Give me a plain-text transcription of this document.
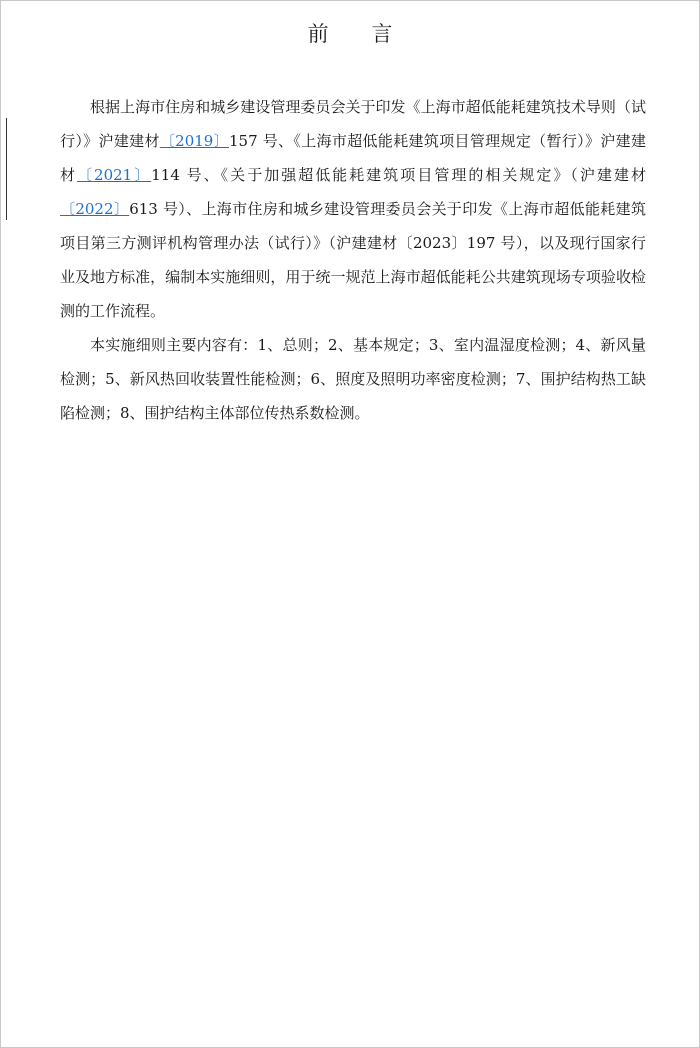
前 言

根据上海市住房和城乡建设管理委员会关于印发《上海市超低能耗建筑技术导则（试行）》沪建建材〔2019〕157 号、《上海市超低能耗建筑项目管理规定（暂行）》沪建建材〔2021〕114 号、《关于加强超低能耗建筑项目管理的相关规定》（沪建建材〔2022〕613 号）、上海市住房和城乡建设管理委员会关于印发《上海市超低能耗建筑项目第三方测评机构管理办法（试行）》（沪建建材〔2023〕197 号），以及现行国家行业及地方标准，编制本实施细则，用于统一规范上海市超低能耗公共建筑现场专项验收检测的工作流程。

本实施细则主要内容有：1、总则；2、基本规定；3、室内温湿度检测；4、新风量检测；5、新风热回收装置性能检测；6、照度及照明功率密度检测；7、围护结构热工缺陷检测；8、围护结构主体部位传热系数检测。
